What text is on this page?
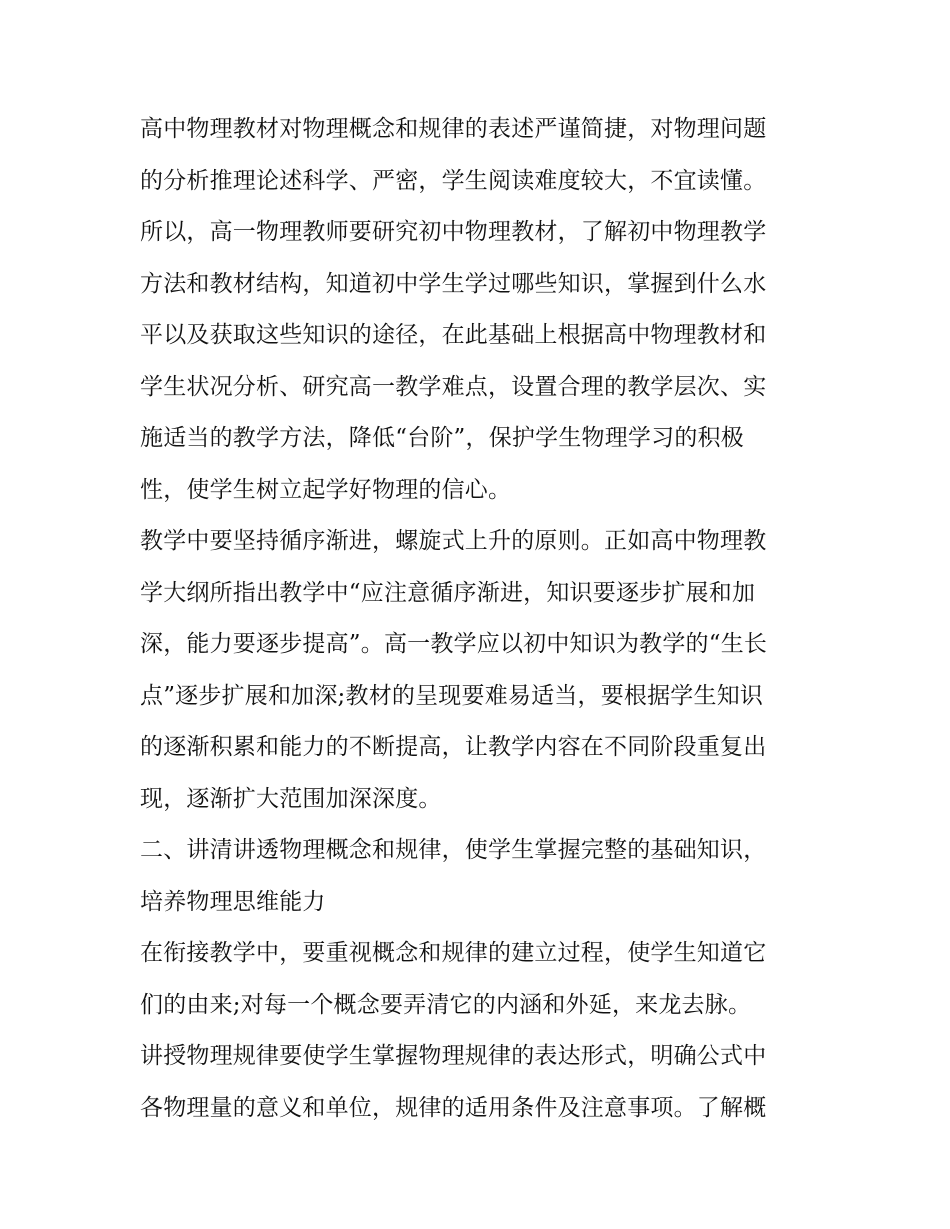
高中物理教材对物理概念和规律的表述严谨简捷，对物理问题
的分析推理论述科学、严密，学生阅读难度较大，不宜读懂。
所以，高一物理教师要研究初中物理教材，了解初中物理教学
方法和教材结构，知道初中学生学过哪些知识，掌握到什么水
平以及获取这些知识的途径，在此基础上根据高中物理教材和
学生状况分析、研究高一教学难点，设置合理的教学层次、实
施适当的教学方法，降低“台阶”，保护学生物理学习的积极
性，使学生树立起学好物理的信心。
教学中要坚持循序渐进，螺旋式上升的原则。正如高中物理教
学大纲所指出教学中“应注意循序渐进，知识要逐步扩展和加
深，能力要逐步提高”。高一教学应以初中知识为教学的“生长
点”逐步扩展和加深;教材的呈现要难易适当，要根据学生知识
的逐渐积累和能力的不断提高，让教学内容在不同阶段重复出
现，逐渐扩大范围加深深度。
二、讲清讲透物理概念和规律，使学生掌握完整的基础知识，
培养物理思维能力
在衔接教学中，要重视概念和规律的建立过程，使学生知道它
们的由来;对每一个概念要弄清它的内涵和外延，来龙去脉。
讲授物理规律要使学生掌握物理规律的表达形式，明确公式中
各物理量的意义和单位，规律的适用条件及注意事项。了解概
